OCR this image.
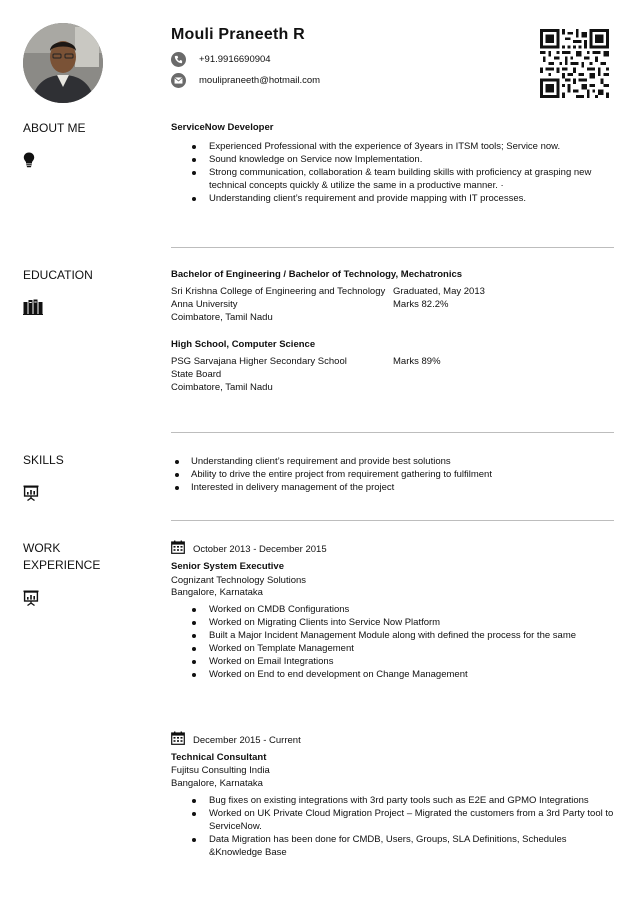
Mouli Praneeth R
+91.9916690904
moulipraneeth@hotmail.com
ABOUT ME	ServiceNow Developer
Experienced Professional with the experience of 3years in ITSM tools; Service now.
Sound knowledge on Service now Implementation.
Strong communication, collaboration & team building skills with proficiency at grasping new technical concepts quickly & utilize the same in a productive manner. ·
Understanding client’s requirement and provide mapping with IT processes.
EDUCATION	Bachelor of Engineering / Bachelor of Technology, Mechatronics
Sri Krishna College of Engineering and Technology Graduated, May 2013
Anna University	Marks 82.2%
Coimbatore, Tamil Nadu
High School, Computer Science
PSG Sarvajana Higher Secondary School	Marks 89%
State Board
Coimbatore, Tamil Nadu
SKILLS	Understanding client’s requirement and provide best solutions
Ability to drive the entire project from requirement gathering to fulfilment
Interested in delivery management of the project
WORK
EXPERIENCE
October 2013 - December 2015
Senior System Executive
Cognizant Technology Solutions
Bangalore, Karnataka
Worked on CMDB Configurations
Worked on Migrating Clients into Service Now Platform
Built a Major Incident Management Module along with defined the process for the same
Worked on Template Management
Worked on Email Integrations
Worked on End to end development on Change Management
December 2015 - Current
Technical Consultant
Fujitsu Consulting India
Bangalore, Karnataka
Bug fixes on existing integrations with 3rd party tools such as E2E and GPMO Integrations
Worked on UK Private Cloud Migration Project – Migrated the customers from a 3rd Party tool to ServiceNow.
Data Migration has been done for CMDB, Users, Groups, SLA Definitions, Schedules &Knowledge Base
